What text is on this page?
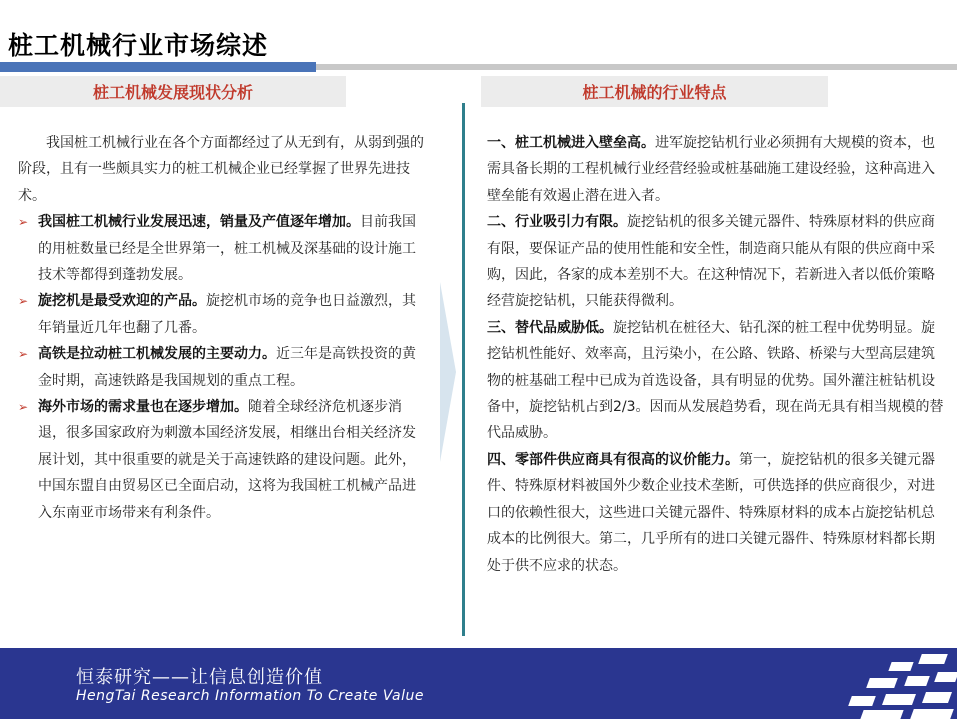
桩工机械行业市场综述
桩工机械发展现状分析	桩工机械的行业特点

我国桩工机械行业在各个方面都经过了从无到有，从弱到强的阶段，且有一些颇具实力的桩工机械企业已经掌握了世界先进技术。

➢ 我国桩工机械行业发展迅速，销量及产值逐年增加。目前我国的用桩数量已经是全世界第一，桩工机械及深基础的设计施工技术等都得到蓬勃发展。

➢ 旋挖机是最受欢迎的产品。旋挖机市场的竞争也日益激烈，其年销量近几年也翻了几番。

➢ 高铁是拉动桩工机械发展的主要动力。近三年是高铁投资的黄金时期，高速铁路是我国规划的重点工程。

➢ 海外市场的需求量也在逐步增加。随着全球经济危机逐步消退，很多国家政府为刺激本国经济发展，相继出台相关经济发展计划，其中很重要的就是关于高速铁路的建设问题。此外，中国东盟自由贸易区已全面启动，这将为我国桩工机械产品进入东南亚市场带来有利条件。

一、桩工机械进入壁垒高。进军旋挖钻机行业必须拥有大规模的资本，也需具备长期的工程机械行业经营经验或桩基础施工建设经验，这种高进入壁垒能有效遏止潜在进入者。

二、行业吸引力有限。旋挖钻机的很多关键元器件、特殊原材料的供应商有限，要保证产品的使用性能和安全性，制造商只能从有限的供应商中采购，因此，各家的成本差别不大。在这种情况下，若新进入者以低价策略经营旋挖钻机，只能获得微利。

三、替代品威胁低。旋挖钻机在桩径大、钻孔深的桩工程中优势明显。旋挖钻机性能好、效率高，且污染小，在公路、铁路、桥梁与大型高层建筑物的桩基础工程中已成为首选设备，具有明显的优势。国外灌注桩钻机设备中，旋挖钻机占到2/3。因而从发展趋势看，现在尚无具有相当规模的替代品威胁。

四、零部件供应商具有很高的议价能力。第一，旋挖钻机的很多关键元器件、特殊原材料被国外少数企业技术垄断，可供选择的供应商很少，对进口的依赖性很大，这些进口关键元器件、特殊原材料的成本占旋挖钻机总成本的比例很大。第二，几乎所有的进口关键元器件、特殊原材料都长期处于供不应求的状态。

恒泰研究——让信息创造价值
HengTai Research Information To Create Value
